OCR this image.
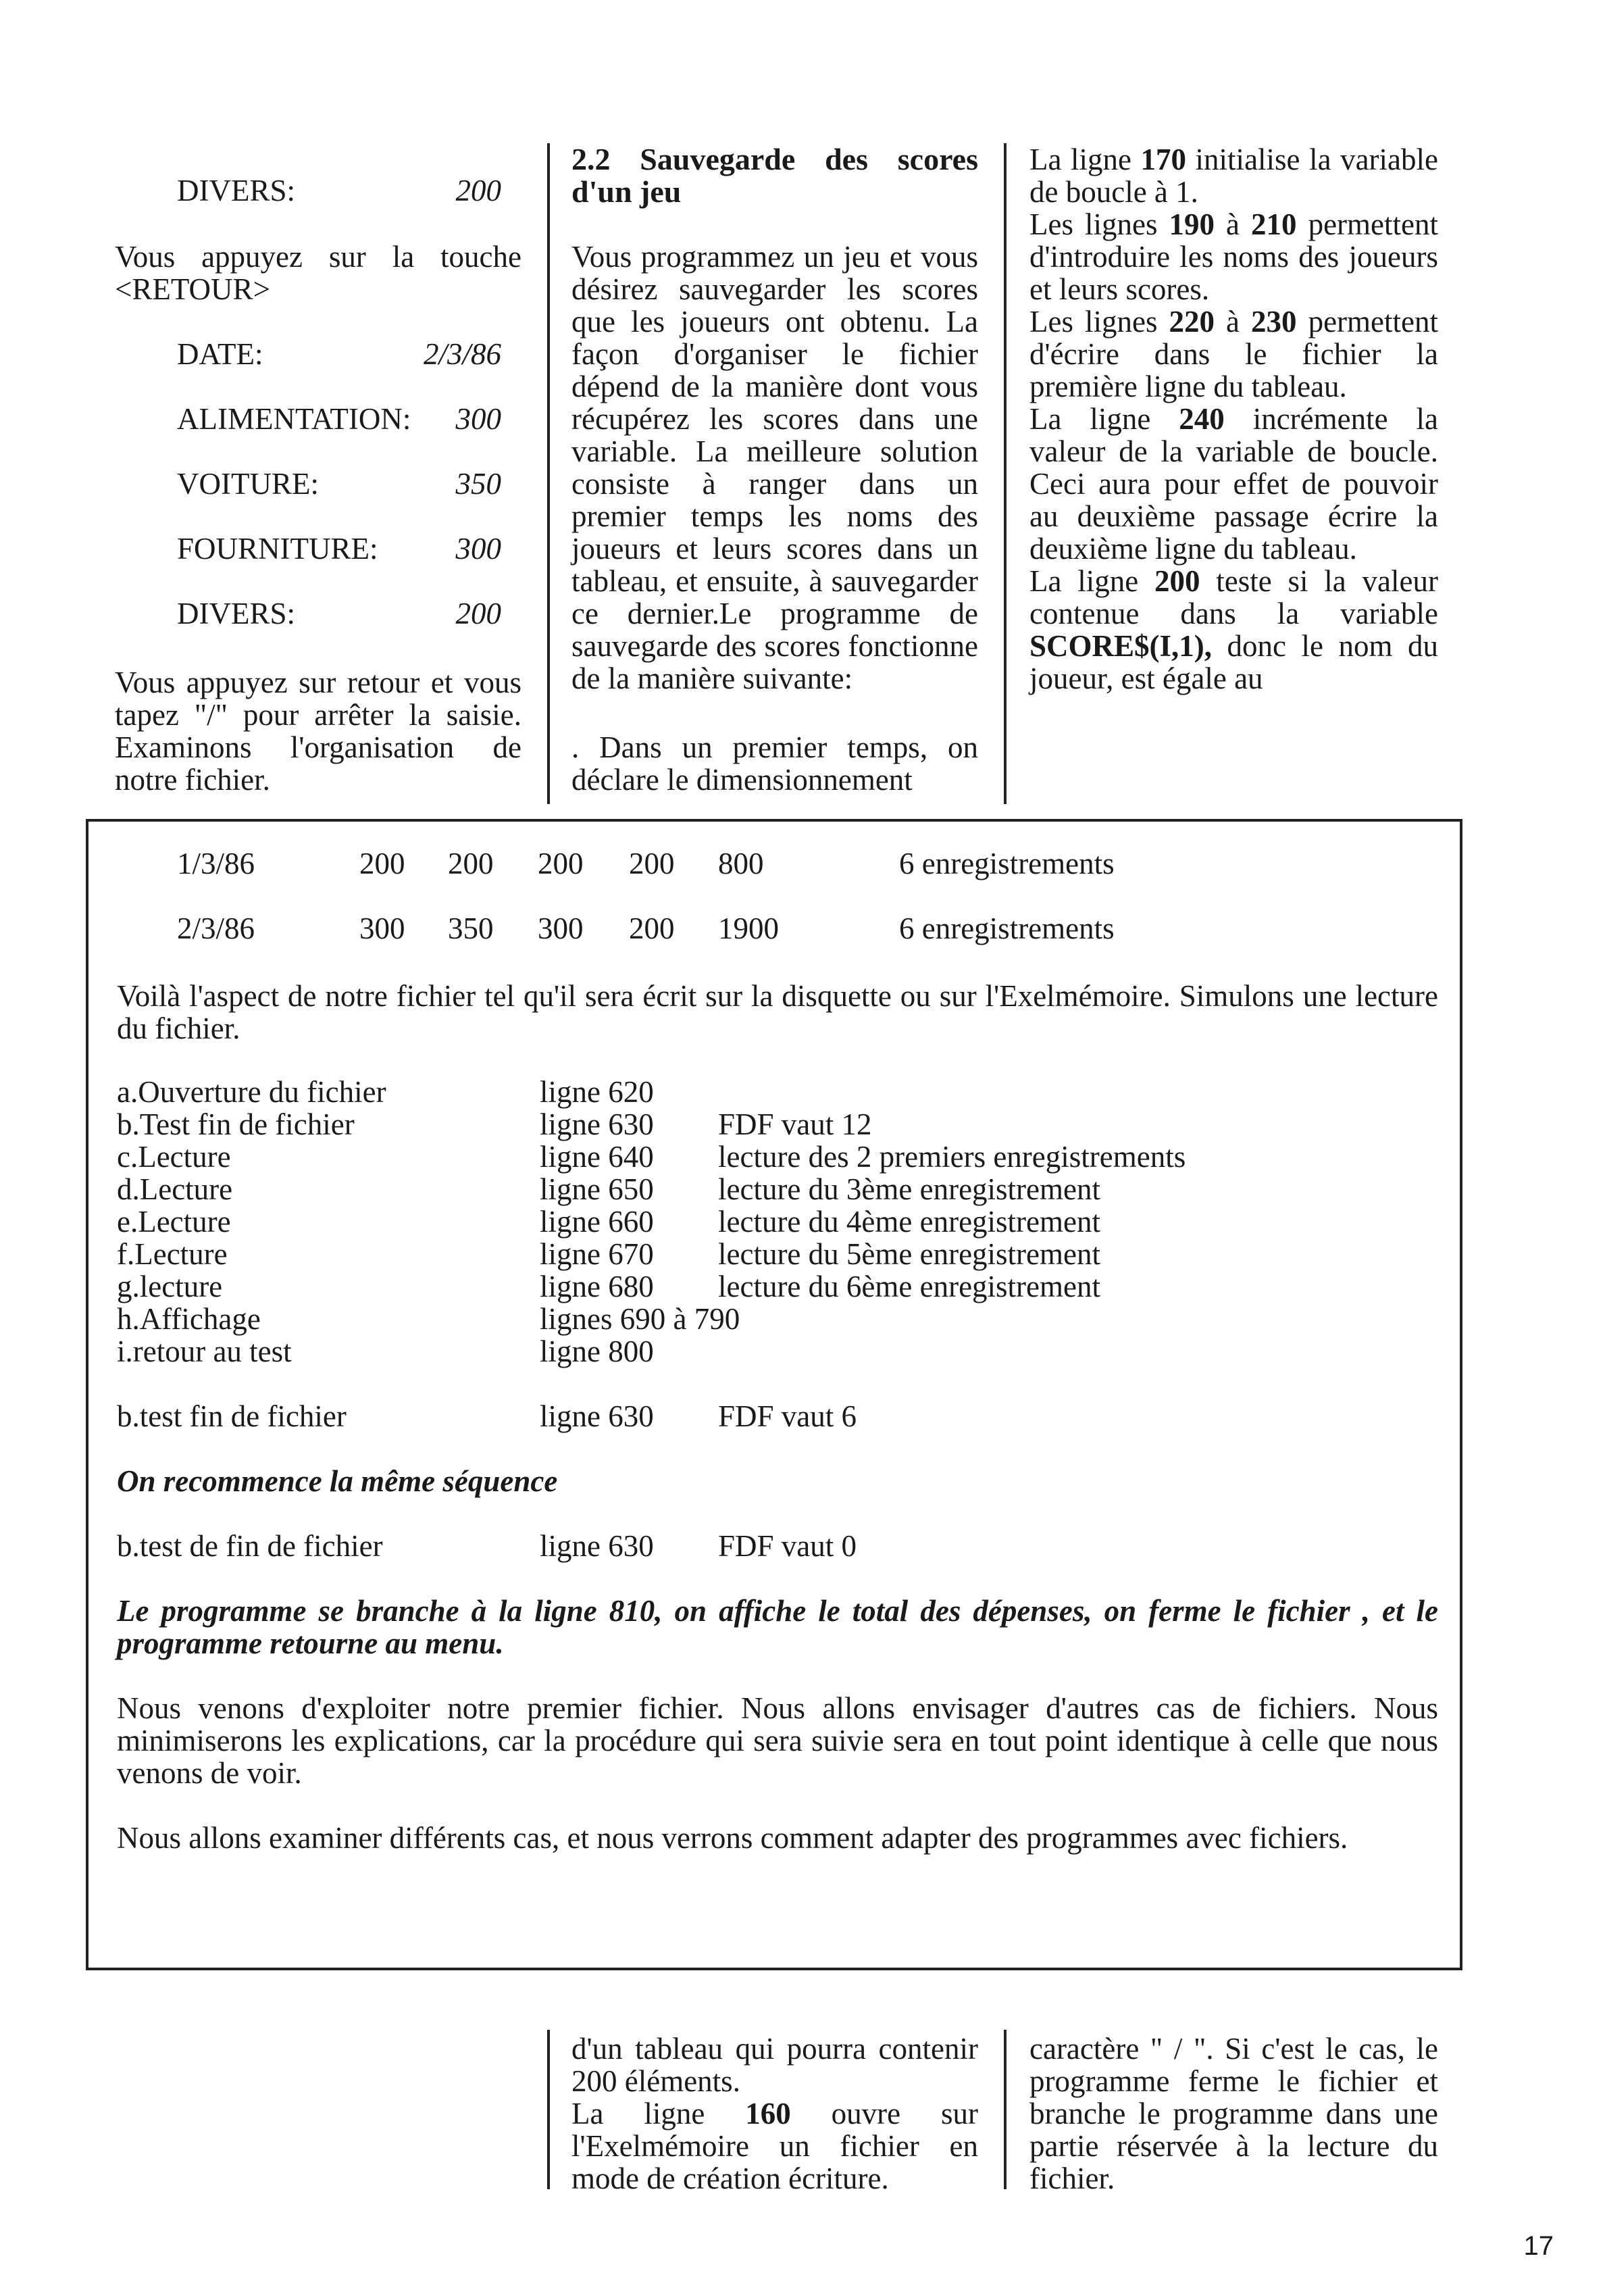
DIVERS:	200
Vous appuyez sur la touche <RETOUR>
DATE:	2/3/86
ALIMENTATION: 300
VOITURE:	350
FOURNITURE:	300
DIVERS:	200
Vous appuyez sur retour et vous tapez "/" pour arrêter la saisie. Examinons l'organisation de notre fichier.
2.2 Sauvegarde des scores d'un jeu
Vous programmez un jeu et vous désirez sauvegarder les scores que les joueurs ont obtenu. La façon d'organiser le fichier dépend de la manière dont vous récupérez les scores dans une variable. La meilleure solution consiste à ranger dans un premier temps les noms des joueurs et leurs scores dans un tableau, et ensuite, à sauvegarder ce dernier.Le programme de sauvegarde des scores fonctionne de la manière suivante:
. Dans un premier temps, on déclare le dimensionnement
La ligne 170 initialise la variable de boucle à 1.
Les lignes 190 à 210 permettent d'introduire les noms des joueurs et leurs scores.
Les lignes 220 à 230 permettent d'écrire dans le fichier la première ligne du tableau.
La ligne 240 incrémente la valeur de la variable de boucle. Ceci aura pour effet de pouvoir au deuxième passage écrire la deuxième ligne du tableau.
La ligne 200 teste si la valeur contenue dans la variable SCORE$(I,1), donc le nom du joueur, est égale au
1/3/86	200 200 200 200 800	6 enregistrements
2/3/86	300 350 300 200 1900	6 enregistrements
Voilà l'aspect de notre fichier tel qu'il sera écrit sur la disquette ou sur l'Exelmémoire. Simulons une lecture du fichier.
a.Ouverture du fichier	ligne 620
b.Test fin de fichier	ligne 630 FDF vaut 12
c.Lecture	ligne 640 lecture des 2 premiers enregistrements
d.Lecture	ligne 650 lecture du 3ème enregistrement
e.Lecture	ligne 660 lecture du 4ème enregistrement
f.Lecture	ligne 670 lecture du 5ème enregistrement
g.lecture	ligne 680 lecture du 6ème enregistrement
h.Affichage	lignes 690 à 790
i.retour au test	ligne 800
b.test fin de fichier	ligne 630 FDF vaut 6
On recommence la même séquence
b.test de fin de fichier	ligne 630 FDF vaut 0
Le programme se branche à la ligne 810, on affiche le total des dépenses, on ferme le fichier , et le programme retourne au menu.
Nous venons d'exploiter notre premier fichier. Nous allons envisager d'autres cas de fichiers. Nous minimiserons les explications, car la procédure qui sera suivie sera en tout point identique à celle que nous venons de voir.
Nous allons examiner différents cas, et nous verrons comment adapter des programmes avec fichiers.
d'un tableau qui pourra contenir 200 éléments.
La ligne 160 ouvre sur l'Exelmémoire un fichier en mode de création écriture.
caractère " / ". Si c'est le cas, le programme ferme le fichier et branche le programme dans une partie réservée à la lecture du fichier.
17
